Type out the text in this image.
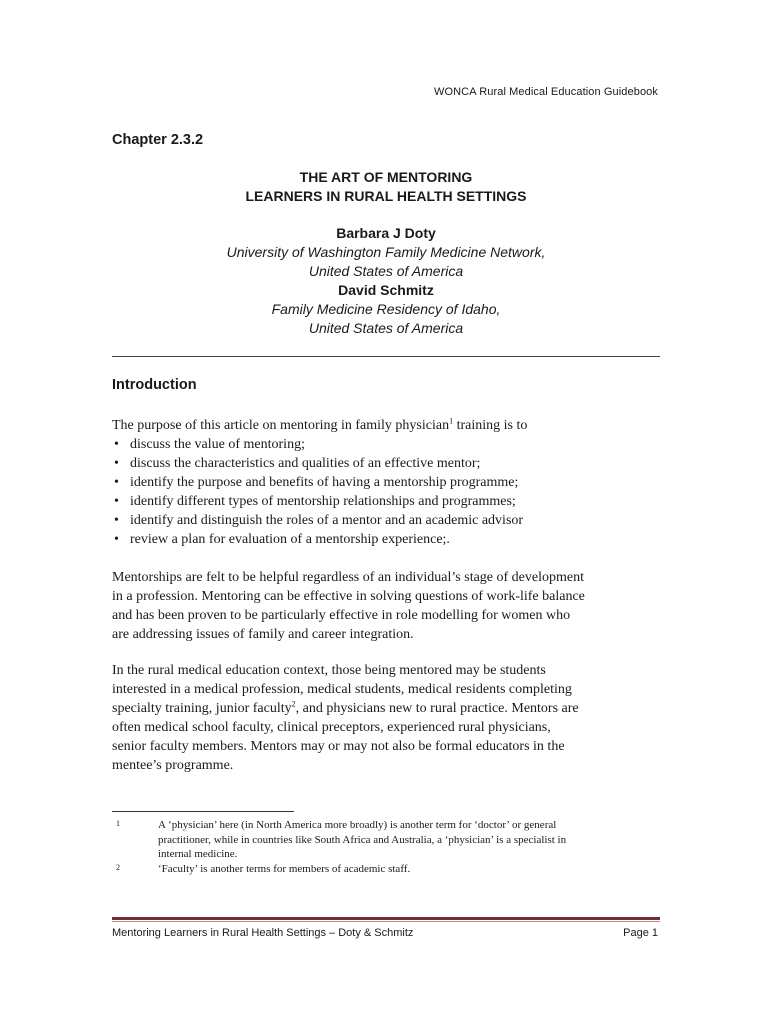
WONCA Rural Medical Education Guidebook
Chapter 2.3.2
THE ART OF MENTORING
LEARNERS IN RURAL HEALTH SETTINGS
Barbara J Doty
University of Washington Family Medicine Network,
United States of America
David Schmitz
Family Medicine Residency of Idaho,
United States of America
Introduction
The purpose of this article on mentoring in family physician$^1$ training is to
• discuss the value of mentoring;
• discuss the characteristics and qualities of an effective mentor;
• identify the purpose and benefits of having a mentorship programme;
• identify different types of mentorship relationships and programmes;
• identify and distinguish the roles of a mentor and an academic advisor
• review a plan for evaluation of a mentorship experience;.
Mentorships are felt to be helpful regardless of an individual’s stage of development
in a profession. Mentoring can be effective in solving questions of work-life balance
and has been proven to be particularly effective in role modelling for women who
are addressing issues of family and career integration.
In the rural medical education context, those being mentored may be students
interested in a medical profession, medical students, medical residents completing
specialty training, junior faculty$^2$, and physicians new to rural practice. Mentors are
often medical school faculty, clinical preceptors, experienced rural physicians,
senior faculty members. Mentors may or may not also be formal educators in the
mentee’s programme.
1	A ‘physician’ here (in North America more broadly) is another term for ‘doctor’ or general
practitioner, while in countries like South Africa and Australia, a ‘physician’ is a specialist in
internal medicine.
2	‘Faculty’ is another terms for members of academic staff.
Mentoring Learners in Rural Health Settings – Doty & Schmitz	Page 1
